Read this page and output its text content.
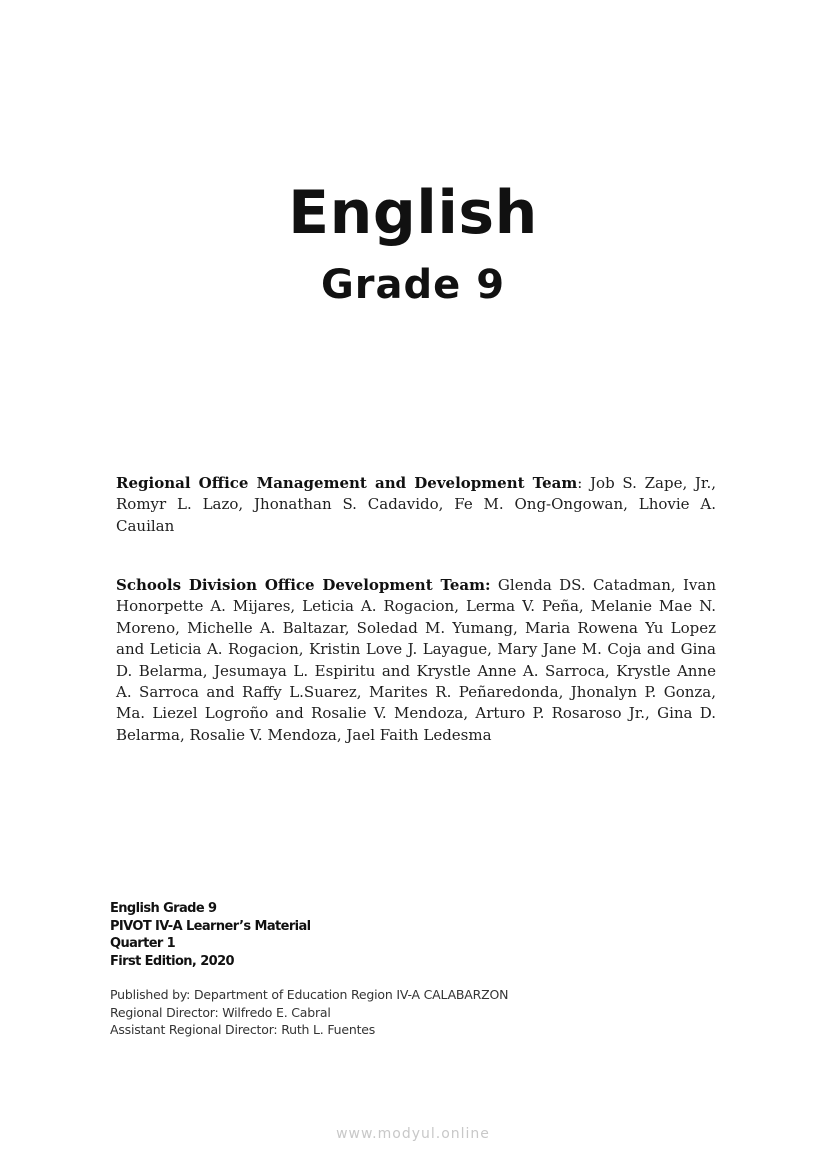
English
Grade 9

Regional Office Management and Development Team: Job S. Zape, Jr., Romyr L. Lazo, Jhonathan S. Cadavido, Fe M. Ong-Ongowan, Lhovie A. Cauilan

Schools Division Office Development Team: Glenda DS. Catadman, Ivan Honorpette A. Mijares, Leticia A. Rogacion, Lerma V. Peña, Melanie Mae N. Moreno, Michelle A. Baltazar, Soledad M. Yumang, Maria Rowena Yu Lopez and Leticia A. Rogacion, Kristin Love J. Layague, Mary Jane M. Coja and Gina D. Belarma, Jesumaya L. Espiritu and Krystle Anne A. Sarroca, Krystle Anne A. Sarroca and Raffy L.Suarez, Marites R. Peñaredonda, Jhonalyn P. Gonza, Ma. Liezel Logroño and Rosalie V. Mendoza, Arturo P. Rosaroso Jr., Gina D. Belarma, Rosalie V. Mendoza, Jael Faith Ledesma

English Grade 9
PIVOT IV-A Learner’s Material
Quarter 1
First Edition, 2020
Published by: Department of Education Region IV-A CALABARZON
Regional Director: Wilfredo E. Cabral
Assistant Regional Director: Ruth L. Fuentes
www.modyul.online
